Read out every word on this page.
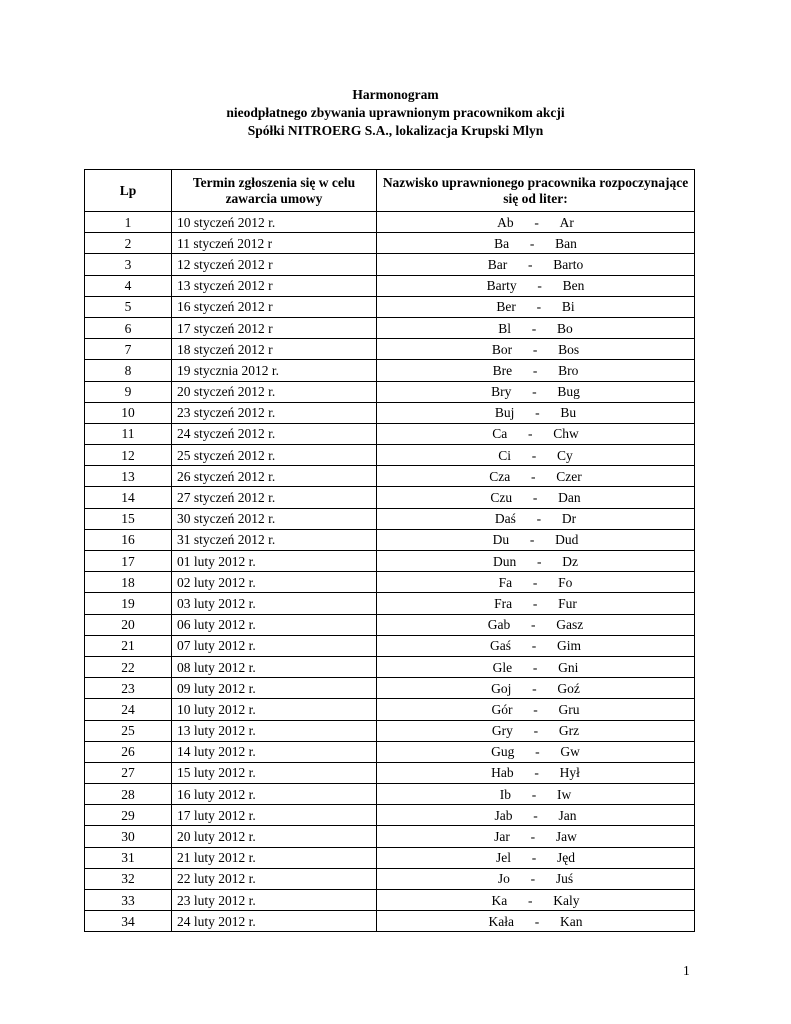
Harmonogram
nieodpłatnego zbywania uprawnionym pracownikom akcji
Spółki NITROERG S.A., lokalizacja Krupski Mlyn
Lp	Termin zgłoszenia się w celu zawarcia umowy	Nazwisko uprawnionego pracownika rozpoczynające się od liter:
1	10 styczeń 2012 r.	Ab - Ar
2	11 styczeń 2012 r	Ba - Ban
3	12 styczeń 2012 r	Bar - Barto
4	13 styczeń 2012 r	Barty - Ben
5	16 styczeń 2012 r	Ber - Bi
6	17 styczeń 2012 r	Bl - Bo
7	18 styczeń 2012 r	Bor - Bos
8	19 stycznia 2012 r.	Bre - Bro
9	20 styczeń 2012 r.	Bry - Bug
10	23 styczeń 2012 r.	Buj - Bu
11	24 styczeń 2012 r.	Ca - Chw
12	25 styczeń 2012 r.	Ci - Cy
13	26 styczeń 2012 r.	Cza - Czer
14	27 styczeń 2012 r.	Czu - Dan
15	30 styczeń 2012 r.	Daś - Dr
16	31 styczeń 2012 r.	Du - Dud
17	01 luty 2012 r.	Dun - Dz
18	02 luty 2012 r.	Fa - Fo
19	03 luty 2012 r.	Fra - Fur
20	06 luty 2012 r.	Gab - Gasz
21	07 luty 2012 r.	Gaś - Gim
22	08 luty 2012 r.	Gle - Gni
23	09 luty 2012 r.	Goj - Goź
24	10 luty 2012 r.	Gór - Gru
25	13 luty 2012 r.	Gry - Grz
26	14 luty 2012 r.	Gug - Gw
27	15 luty 2012 r.	Hab - Hył
28	16 luty 2012 r.	Ib - Iw
29	17 luty 2012 r.	Jab - Jan
30	20 luty 2012 r.	Jar - Jaw
31	21 luty 2012 r.	Jel - Jęd
32	22 luty 2012 r.	Jo - Juś
33	23 luty 2012 r.	Ka - Kaly
34	24 luty 2012 r.	Kała - Kan
1
